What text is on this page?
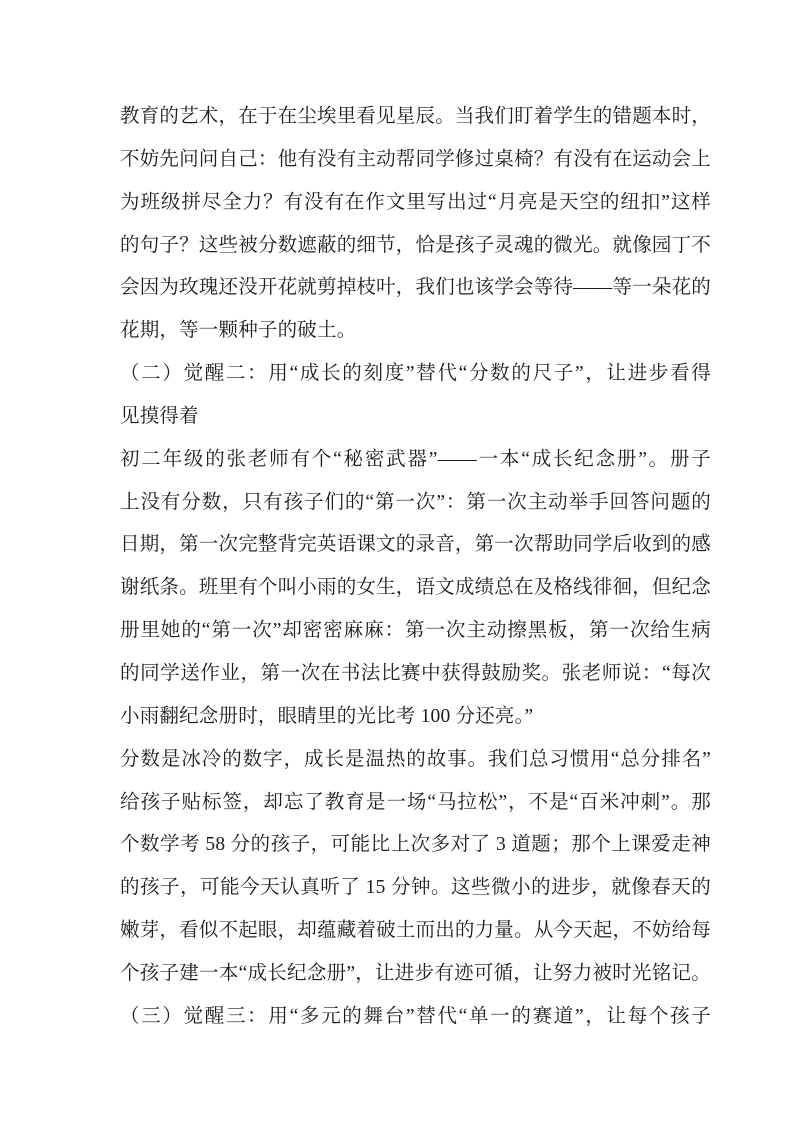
教育的艺术，在于在尘埃里看见星辰。当我们盯着学生的错题本时，
不妨先问问自己：他有没有主动帮同学修过桌椅？有没有在运动会上
为班级拼尽全力？有没有在作文里写出过“月亮是天空的纽扣”这样
的句子？这些被分数遮蔽的细节，恰是孩子灵魂的微光。就像园丁不
会因为玫瑰还没开花就剪掉枝叶，我们也该学会等待——等一朵花的
花期，等一颗种子的破土。
（二）觉醒二：用“成长的刻度”替代“分数的尺子”，让进步看得
见摸得着
初二年级的张老师有个“秘密武器”——一本“成长纪念册”。册子
上没有分数，只有孩子们的“第一次”：第一次主动举手回答问题的
日期，第一次完整背完英语课文的录音，第一次帮助同学后收到的感
谢纸条。班里有个叫小雨的女生，语文成绩总在及格线徘徊，但纪念
册里她的“第一次”却密密麻麻：第一次主动擦黑板，第一次给生病
的同学送作业，第一次在书法比赛中获得鼓励奖。张老师说：“每次
小雨翻纪念册时，眼睛里的光比考 100 分还亮。”
分数是冰冷的数字，成长是温热的故事。我们总习惯用“总分排名”
给孩子贴标签，却忘了教育是一场“马拉松”，不是“百米冲刺”。那
个数学考 58 分的孩子，可能比上次多对了 3 道题；那个上课爱走神
的孩子，可能今天认真听了 15 分钟。这些微小的进步，就像春天的
嫩芽，看似不起眼，却蕴藏着破土而出的力量。从今天起，不妨给每
个孩子建一本“成长纪念册”，让进步有迹可循，让努力被时光铭记。
（三）觉醒三：用“多元的舞台”替代“单一的赛道”，让每个孩子
